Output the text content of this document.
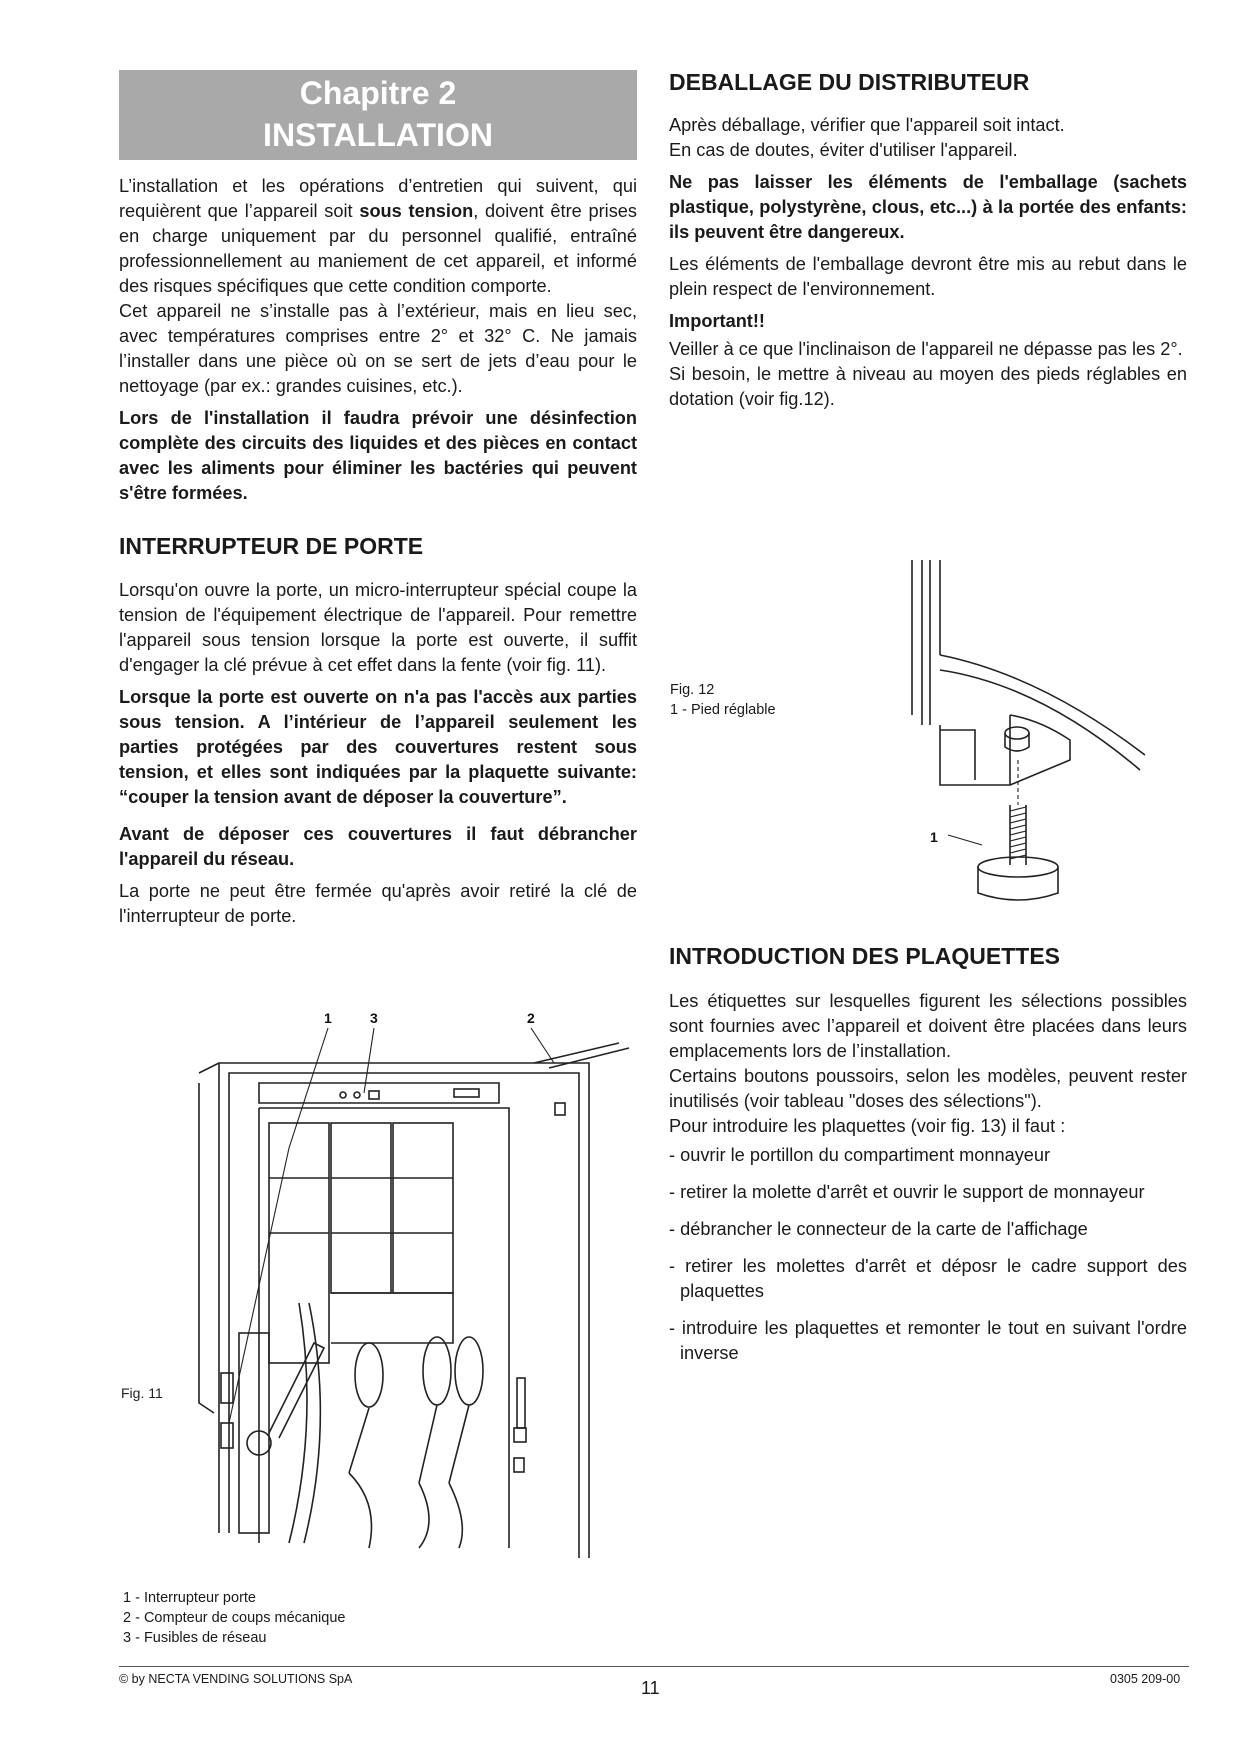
Chapitre 2
INSTALLATION

L’installation et les opérations d’entretien qui suivent, qui requièrent que l’appareil soit sous tension, doivent être prises en charge uniquement par du personnel qualifié, entraîné professionnellement au maniement de cet appareil, et informé des risques spécifiques que cette condition comporte.

Cet appareil ne s’installe pas à l’extérieur, mais en lieu sec, avec températures comprises entre 2° et 32° C. Ne jamais l’installer dans une pièce où on se sert de jets d’eau pour le nettoyage (par ex.: grandes cuisines, etc.).

Lors de l'installation il faudra prévoir une désinfection complète des circuits des liquides et des pièces en contact avec les aliments pour éliminer les bactéries qui peuvent s'être formées.

INTERRUPTEUR DE PORTE

Lorsqu'on ouvre la porte, un micro-interrupteur spécial coupe la tension de l'équipement électrique de l'appareil. Pour remettre l'appareil sous tension lorsque la porte est ouverte, il suffit d'engager la clé prévue à cet effet dans la fente (voir fig. 11).

Lorsque la porte est ouverte on n'a pas l'accès aux parties sous tension. A l’intérieur de l’appareil seulement les parties protégées par des couvertures restent sous tension, et elles sont indiquées par la plaquette suivante: “couper la tension avant de déposer la couverture”.

Avant de déposer ces couvertures il faut débrancher l'appareil du réseau.

La porte ne peut être fermée qu'après avoir retiré la clé de l'interrupteur de porte.

1	3	2
Fig. 11
1 - Interrupteur porte
2 - Compteur de coups mécanique
3 - Fusibles de réseau
DEBALLAGE DU DISTRIBUTEUR

Après déballage, vérifier que l'appareil soit intact.

En cas de doutes, éviter d'utiliser l'appareil.

Ne pas laisser les éléments de l'emballage (sachets plastique, polystyrène, clous, etc...) à la portée des enfants: ils peuvent être dangereux.

Les éléments de l'emballage devront être mis au rebut dans le plein respect de l'environnement.

Important!!

Veiller à ce que l'inclinaison de l'appareil ne dépasse pas les 2°.

Si besoin, le mettre à niveau au moyen des pieds réglables en dotation (voir fig.12).

Fig. 12
1 - Pied réglable
1
INTRODUCTION DES PLAQUETTES

Les étiquettes sur lesquelles figurent les sélections possibles sont fournies avec l’appareil et doivent être placées dans leurs emplacements lors de l’installation.

Certains boutons poussoirs, selon les modèles, peuvent rester inutilisés (voir tableau "doses des sélections").

Pour introduire les plaquettes (voir fig. 13) il faut :

- ouvrir le portillon du compartiment monnayeur

- retirer la molette d'arrêt et ouvrir le support de monnayeur

- débrancher le connecteur de la carte de l'affichage

- retirer les molettes d'arrêt et déposr le cadre support des plaquettes

- introduire les plaquettes et remonter le tout en suivant l'ordre inverse

© by NECTA VENDING SOLUTIONS SpA	11	0305 209-00
